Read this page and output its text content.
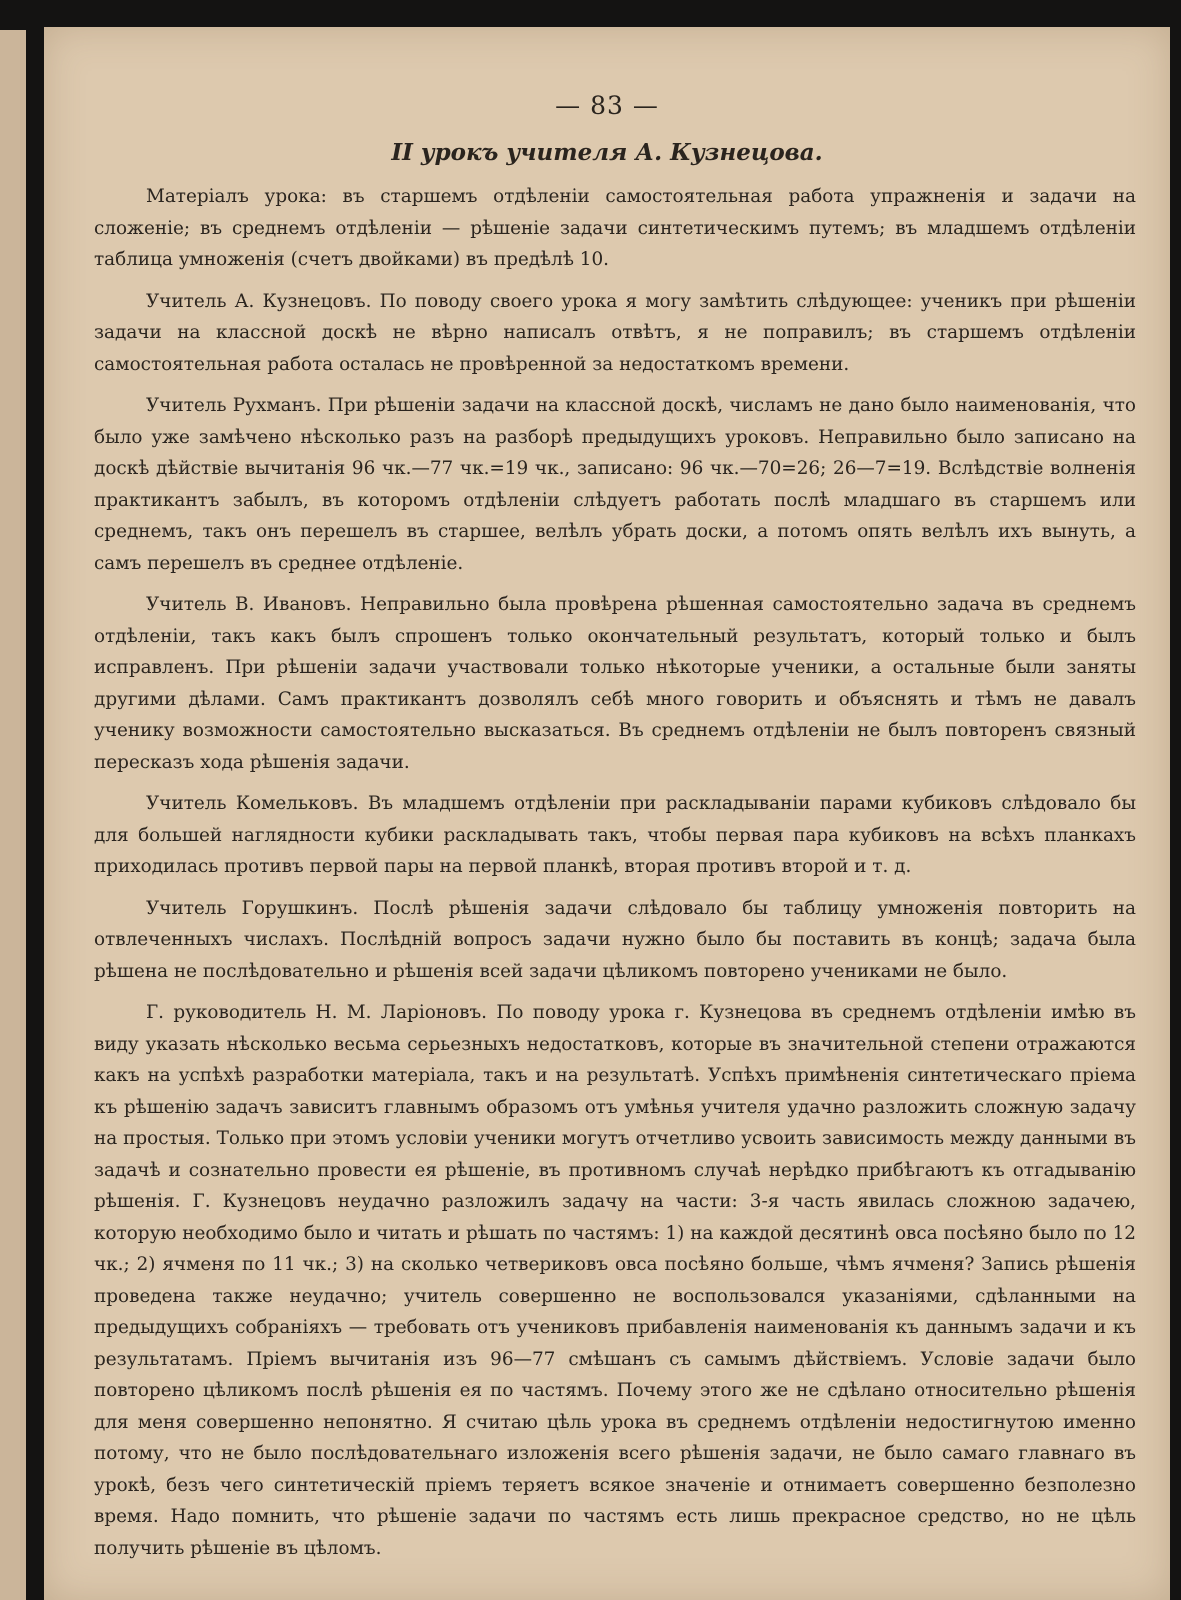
— 83 —
II урокъ учителя А. Кузнецова.

Матеріалъ урока: въ старшемъ отдѣленіи самостоятельная работа упражненія и задачи на сложеніе; въ среднемъ отдѣленіи — рѣшеніе задачи синтетическимъ путемъ; въ младшемъ отдѣленіи таблица умноженія (счетъ двойками) въ предѣлѣ 10.

Учитель А. Кузнецовъ. По поводу своего урока я могу замѣтить слѣдующее: ученикъ при рѣшеніи задачи на классной доскѣ не вѣрно написалъ отвѣтъ, я не поправилъ; въ старшемъ отдѣленіи самостоятельная работа осталась не провѣренной за недостаткомъ времени.

Учитель Рухманъ. При рѣшеніи задачи на классной доскѣ, числамъ не дано было наименованія, что было уже замѣчено нѣсколько разъ на разборѣ предыдущихъ уроковъ. Неправильно было записано на доскѣ дѣйствіе вычитанія 96 чк.—77 чк.=19 чк., записано: 96 чк.—70=26; 26—7=19. Вслѣдствіе волненія практикантъ забылъ, въ которомъ отдѣленіи слѣдуетъ работать послѣ младшаго въ старшемъ или среднемъ, такъ онъ перешелъ въ старшее, велѣлъ убрать доски, а потомъ опять велѣлъ ихъ вынуть, а самъ перешелъ въ среднее отдѣленіе.

Учитель В. Ивановъ. Неправильно была провѣрена рѣшенная самостоятельно задача въ среднемъ отдѣленіи, такъ какъ былъ спрошенъ только окончательный результатъ, который только и былъ исправленъ. При рѣшеніи задачи участвовали только нѣкоторые ученики, а остальные были заняты другими дѣлами. Самъ практикантъ дозволялъ себѣ много говорить и объяснять и тѣмъ не давалъ ученику возможности самостоятельно высказаться. Въ среднемъ отдѣленіи не былъ повторенъ связный пересказъ хода рѣшенія задачи.

Учитель Комельковъ. Въ младшемъ отдѣленіи при раскладываніи парами кубиковъ слѣдовало бы для большей наглядности кубики раскладывать такъ, чтобы первая пара кубиковъ на всѣхъ планкахъ приходилась противъ первой пары на первой планкѣ, вторая противъ второй и т. д.

Учитель Горушкинъ. Послѣ рѣшенія задачи слѣдовало бы таблицу умноженія повторить на отвлеченныхъ числахъ. Послѣдній вопросъ задачи нужно было бы поставить въ концѣ; задача была рѣшена не послѣдовательно и рѣшенія всей задачи цѣликомъ повторено учениками не было.

Г. руководитель Н. М. Ларіоновъ. По поводу урока г. Кузнецова въ среднемъ отдѣленіи имѣю въ виду указать нѣсколько весьма серьезныхъ недостатковъ, которые въ значительной степени отражаются какъ на успѣхѣ разработки матеріала, такъ и на результатѣ. Успѣхъ примѣненія синтетическаго пріема къ рѣшенію задачъ зависитъ главнымъ образомъ отъ умѣнья учителя удачно разложить сложную задачу на простыя. Только при этомъ условіи ученики могутъ отчетливо усвоить зависимость между данными въ задачѣ и сознательно провести ея рѣшеніе, въ противномъ случаѣ нерѣдко прибѣгаютъ къ отгадыванію рѣшенія. Г. Кузнецовъ неудачно разложилъ задачу на части: 3-я часть явилась сложною задачею, которую необходимо было и читать и рѣшать по частямъ: 1) на каждой десятинѣ овса посѣяно было по 12 чк.; 2) ячменя по 11 чк.; 3) на сколько четвериковъ овса посѣяно больше, чѣмъ ячменя? Запись рѣшенія проведена также неудачно; учитель совершенно не воспользовался указаніями, сдѣланными на предыдущихъ собраніяхъ — требовать отъ учениковъ прибавленія наименованія къ даннымъ задачи и къ результатамъ. Пріемъ вычитанія изъ 96—77 смѣшанъ съ самымъ дѣйствіемъ. Условіе задачи было повторено цѣликомъ послѣ рѣшенія ея по частямъ. Почему этого же не сдѣлано относительно рѣшенія для меня совершенно непонятно. Я считаю цѣль урока въ среднемъ отдѣленіи недостигнутою именно потому, что не было послѣдовательнаго изложенія всего рѣшенія задачи, не было самаго главнаго въ урокѣ, безъ чего синтетическій пріемъ теряетъ всякое значеніе и отнимаетъ совершенно безполезно время. Надо помнить, что рѣшеніе задачи по частямъ есть лишь прекрасное средство, но не цѣль получить рѣшеніе въ цѣломъ.
